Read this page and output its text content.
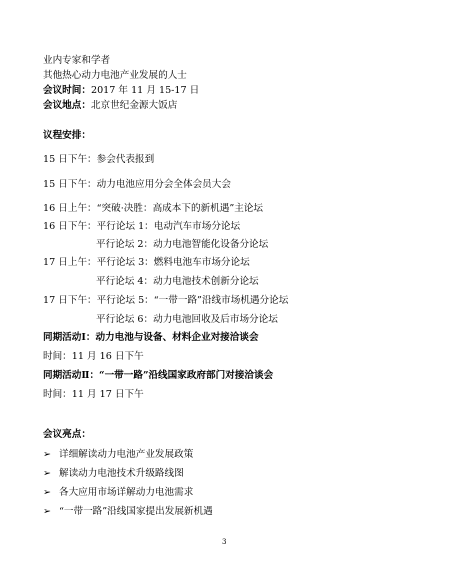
业内专家和学者
其他热心动力电池产业发展的人士
会议时间：2017 年 11 月 15-17 日
会议地点：北京世纪金源大饭店
议程安排：
15 日下午：参会代表报到
15 日下午：动力电池应用分会全体会员大会
16 日上午：“突破·决胜：高成本下的新机遇”主论坛
16 日下午：平行论坛 1：电动汽车市场分论坛
平行论坛 2：动力电池智能化设备分论坛
17 日上午：平行论坛 3：燃料电池车市场分论坛
平行论坛 4：动力电池技术创新分论坛
17 日下午：平行论坛 5：“一带一路”沿线市场机遇分论坛
平行论坛 6：动力电池回收及后市场分论坛
同期活动Ⅰ：动力电池与设备、材料企业对接洽谈会
时间：11 月 16 日下午
同期活动Ⅱ：“一带一路”沿线国家政府部门对接洽谈会
时间：11 月 17 日下午
会议亮点：
➢ 详细解读动力电池产业发展政策
➢ 解读动力电池技术升级路线图
➢ 各大应用市场详解动力电池需求
➢ “一带一路”沿线国家提出发展新机遇
3
